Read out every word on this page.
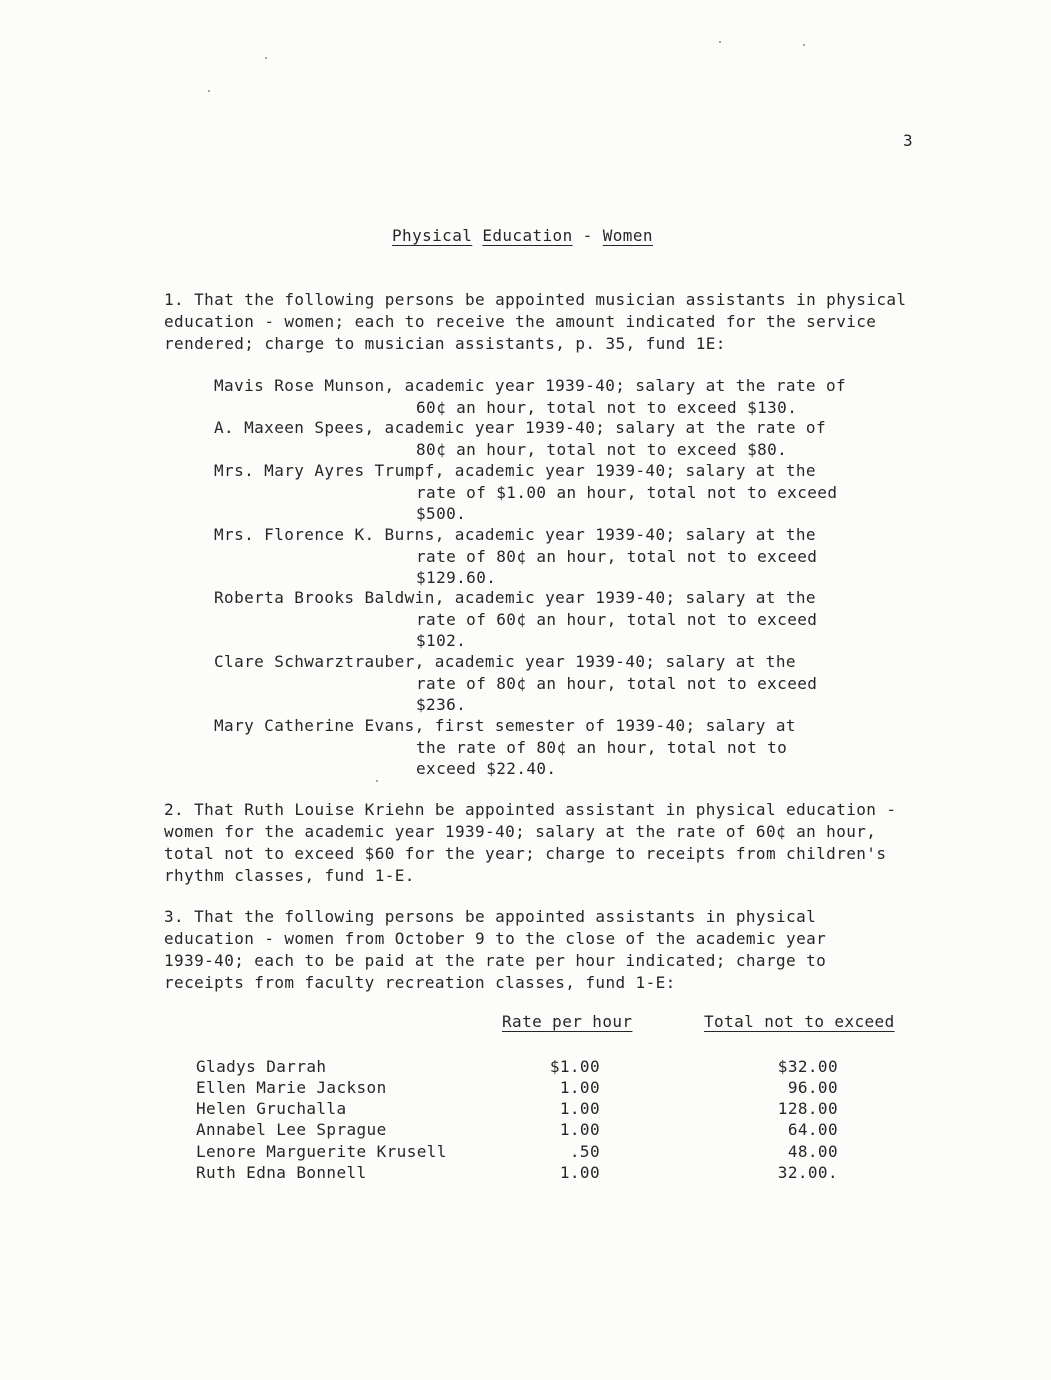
3
Physical Education - Women
1. That the following persons be appointed musician assistants in physical
education - women; each to receive the amount indicated for the service
rendered; charge to musician assistants, p. 35, fund 1E:
Mavis Rose Munson, academic year 1939-40; salary at the rate of
60¢ an hour, total not to exceed $130.
A. Maxeen Spees, academic year 1939-40; salary at the rate of
80¢ an hour, total not to exceed $80.
Mrs. Mary Ayres Trumpf, academic year 1939-40; salary at the
rate of $1.00 an hour, total not to exceed
$500.
Mrs. Florence K. Burns, academic year 1939-40; salary at the
rate of 80¢ an hour, total not to exceed
$129.60.
Roberta Brooks Baldwin, academic year 1939-40; salary at the
rate of 60¢ an hour, total not to exceed
$102.
Clare Schwarztrauber, academic year 1939-40; salary at the
rate of 80¢ an hour, total not to exceed
$236.
Mary Catherine Evans, first semester of 1939-40; salary at
the rate of 80¢ an hour, total not to
exceed $22.40.
2. That Ruth Louise Kriehn be appointed assistant in physical education -
women for the academic year 1939-40; salary at the rate of 60¢ an hour,
total not to exceed $60 for the year; charge to receipts from children's
rhythm classes, fund 1-E.
3. That the following persons be appointed assistants in physical
education - women from October 9 to the close of the academic year
1939-40; each to be paid at the rate per hour indicated; charge to
receipts from faculty recreation classes, fund 1-E:
Rate per hour	Total not to exceed
Gladys Darrah	$1.00	$32.00
Ellen Marie Jackson	1.00	96.00
Helen Gruchalla	1.00	128.00
Annabel Lee Sprague	1.00	64.00
Lenore Marguerite Krusell	.50	48.00
Ruth Edna Bonnell	1.00	32.00.
